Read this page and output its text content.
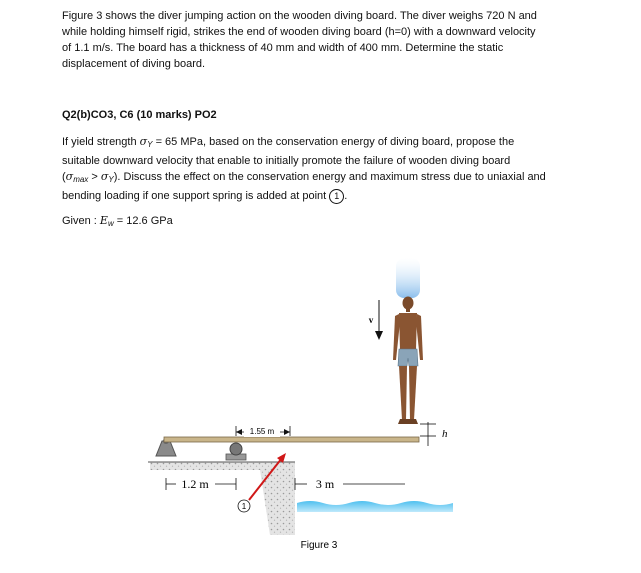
Figure 3 shows the diver jumping action on the wooden diving board. The diver weighs 720 N and
while holding himself rigid, strikes the end of wooden diving board (h=0) with a downward velocity
of 1.1 m/s. The board has a thickness of 40 mm and width of 400 mm. Determine the static
displacement of diving board.
Q2(b)CO3, C6 (10 marks) PO2
If yield strength $\sigma_Y = 65$ MPa, based on the conservation energy of diving board, propose the
suitable downward velocity that enable to initially promote the failure of wooden diving board
$(\sigma_{max} > \sigma_Y)$. Discuss the effect on the conservation energy and maximum stress due to uniaxial and
bending loading if one support spring is added at point 1 .
Given : $E_w = 12.6$ GPa
1.55 m
1
1.2 m	3 m
v
h
Figure 3
